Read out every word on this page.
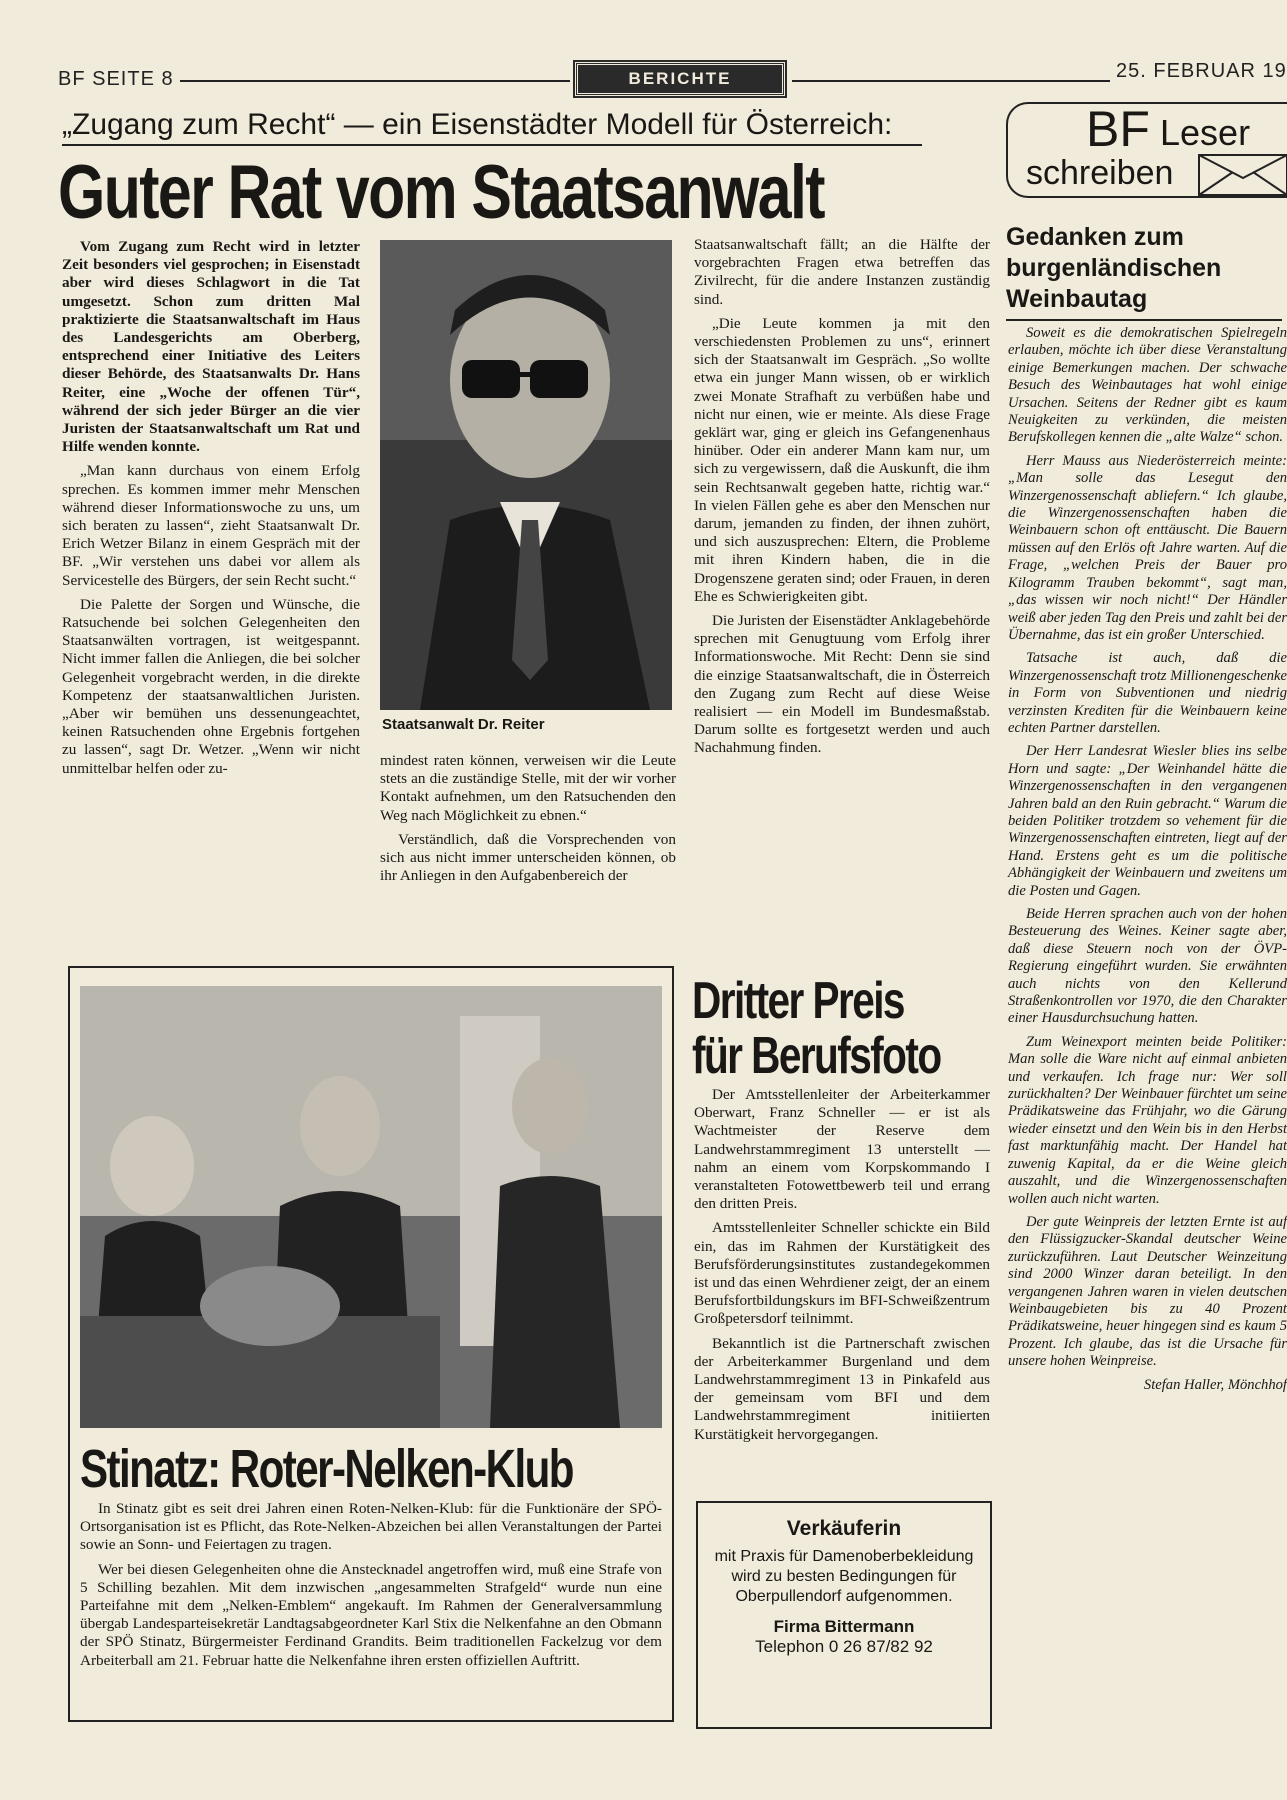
BF SEITE 8	BERICHTE	25. FEBRUAR 19
„Zugang zum Recht“ — ein Eisenstädter Modell für Österreich:
Guter Rat vom Staatsanwalt

Vom Zugang zum Recht wird in letzter Zeit besonders viel gesprochen; in Eisenstadt aber wird dieses Schlagwort in die Tat umgesetzt. Schon zum dritten Mal praktizierte die Staatsanwaltschaft im Haus des Landesgerichts am Oberberg, entsprechend einer Initiative des Leiters dieser Behörde, des Staatsanwalts Dr. Hans Reiter, eine „Woche der offenen Tür“, während der sich jeder Bürger an die vier Juristen der Staatsanwaltschaft um Rat und Hilfe wenden konnte.

„Man kann durchaus von einem Erfolg sprechen. Es kommen immer mehr Menschen während dieser Informationswoche zu uns, um sich beraten zu lassen“, zieht Staatsanwalt Dr. Erich Wetzer Bilanz in einem Gespräch mit der BF. „Wir verstehen uns dabei vor allem als Servicestelle des Bürgers, der sein Recht sucht.“

Die Palette der Sorgen und Wünsche, die Ratsuchende bei solchen Gelegenheiten den Staatsanwälten vortragen, ist weitgespannt. Nicht immer fallen die Anliegen, die bei solcher Gelegenheit vorgebracht werden, in die direkte Kompetenz der staatsanwaltlichen Juristen. „Aber wir bemühen uns dessenungeachtet, keinen Ratsuchenden ohne Ergebnis fortgehen zu lassen“, sagt Dr. Wetzer. „Wenn wir nicht unmittelbar helfen oder zu-

Staatsanwalt Dr. Reiter

mindest raten können, verweisen wir die Leute stets an die zuständige Stelle, mit der wir vorher Kontakt aufnehmen, um den Ratsuchenden den Weg nach Möglichkeit zu ebnen.“

Verständlich, daß die Vorsprechenden von sich aus nicht immer unterscheiden können, ob ihr Anliegen in den Aufgabenbereich der

Staatsanwaltschaft fällt; an die Hälfte der vorgebrachten Fragen etwa betreffen das Zivilrecht, für die andere Instanzen zuständig sind.

„Die Leute kommen ja mit den verschiedensten Problemen zu uns“, erinnert sich der Staatsanwalt im Gespräch. „So wollte etwa ein junger Mann wissen, ob er wirklich zwei Monate Strafhaft zu verbüßen habe und nicht nur einen, wie er meinte. Als diese Frage geklärt war, ging er gleich ins Gefangenenhaus hinüber. Oder ein anderer Mann kam nur, um sich zu vergewissern, daß die Auskunft, die ihm sein Rechtsanwalt gegeben hatte, richtig war.“ In vielen Fällen gehe es aber den Menschen nur darum, jemanden zu finden, der ihnen zuhört, und sich auszusprechen: Eltern, die Probleme mit ihren Kindern haben, die in die Drogenszene geraten sind; oder Frauen, in deren Ehe es Schwierigkeiten gibt.

Die Juristen der Eisenstädter Anklagebehörde sprechen mit Genugtuung vom Erfolg ihrer Informationswoche. Mit Recht: Denn sie sind die einzige Staatsanwaltschaft, die in Österreich den Zugang zum Recht auf diese Weise realisiert — ein Modell im Bundesmaßstab. Darum sollte es fortgesetzt werden und auch Nachahmung finden.

Stinatz: Roter-Nelken-Klub

In Stinatz gibt es seit drei Jahren einen Roten-Nelken-Klub: für die Funktionäre der SPÖ-Ortsorganisation ist es Pflicht, das Rote-Nelken-Abzeichen bei allen Veranstaltungen der Partei sowie an Sonn- und Feiertagen zu tragen.

Wer bei diesen Gelegenheiten ohne die Anstecknadel angetroffen wird, muß eine Strafe von 5 Schilling bezahlen. Mit dem inzwischen „angesammelten Strafgeld“ wurde nun eine Parteifahne mit dem „Nelken-Emblem“ angekauft. Im Rahmen der Generalversammlung übergab Landesparteisekretär Landtagsabgeordneter Karl Stix die Nelkenfahne an den Obmann der SPÖ Stinatz, Bürgermeister Ferdinand Grandits. Beim traditionellen Fackelzug vor dem Arbeiterball am 21. Februar hatte die Nelkenfahne ihren ersten offiziellen Auftritt.

Dritter Preis
für Berufsfoto

Der Amtsstellenleiter der Arbeiterkammer Oberwart, Franz Schneller — er ist als Wachtmeister der Reserve dem Landwehrstammregiment 13 unterstellt — nahm an einem vom Korpskommando I veranstalteten Fotowettbewerb teil und errang den dritten Preis.

Amtsstellenleiter Schneller schickte ein Bild ein, das im Rahmen der Kurstätigkeit des Berufsförderungsinstitutes zustandegekommen ist und das einen Wehrdiener zeigt, der an einem Berufsfortbildungskurs im BFI-Schweißzentrum Großpetersdorf teilnimmt.

Bekanntlich ist die Partnerschaft zwischen der Arbeiterkammer Burgenland und dem Landwehrstammregiment 13 in Pinkafeld aus der gemeinsam vom BFI und dem Landwehrstammregiment initiierten Kurstätigkeit hervorgegangen.

Verkäuferin
mit Praxis für Damenoberbekleidung wird zu besten Bedingungen für Oberpullendorf aufgenommen.
Firma Bittermann
Telephon 0 26 87/82 92
BF Leser
schreiben
Gedanken zum burgenländischen Weinbautag

Soweit es die demokratischen Spielregeln erlauben, möchte ich über diese Veranstaltung einige Bemerkungen machen. Der schwache Besuch des Weinbautages hat wohl einige Ursachen. Seitens der Redner gibt es kaum Neuigkeiten zu verkünden, die meisten Berufskollegen kennen die „alte Walze“ schon.

Herr Mauss aus Niederösterreich meinte: „Man solle das Lesegut den Winzergenossenschaft abliefern.“ Ich glaube, die Winzergenossenschaften haben die Weinbauern schon oft enttäuscht. Die Bauern müssen auf den Erlös oft Jahre warten. Auf die Frage, „welchen Preis der Bauer pro Kilogramm Trauben bekommt“, sagt man, „das wissen wir noch nicht!“ Der Händler weiß aber jeden Tag den Preis und zahlt bei der Übernahme, das ist ein großer Unterschied.

Tatsache ist auch, daß die Winzergenossenschaft trotz Millionengeschenke in Form von Subventionen und niedrig verzinsten Krediten für die Weinbauern keine echten Partner darstellen.

Der Herr Landesrat Wiesler blies ins selbe Horn und sagte: „Der Weinhandel hätte die Winzergenossenschaften in den vergangenen Jahren bald an den Ruin gebracht.“ Warum die beiden Politiker trotzdem so vehement für die Winzergenossenschaften eintreten, liegt auf der Hand. Erstens geht es um die politische Abhängigkeit der Weinbauern und zweitens um die Posten und Gagen.

Beide Herren sprachen auch von der hohen Besteuerung des Weines. Keiner sagte aber, daß diese Steuern noch von der ÖVP-Regierung eingeführt wurden. Sie erwähnten auch nichts von den Kellerund Straßenkontrollen vor 1970, die den Charakter einer Hausdurchsuchung hatten.

Zum Weinexport meinten beide Politiker: Man solle die Ware nicht auf einmal anbieten und verkaufen. Ich frage nur: Wer soll zurückhalten? Der Weinbauer fürchtet um seine Prädikatsweine das Frühjahr, wo die Gärung wieder einsetzt und den Wein bis in den Herbst fast marktunfähig macht. Der Handel hat zuwenig Kapital, da er die Weine gleich auszahlt, und die Winzergenossenschaften wollen auch nicht warten.

Der gute Weinpreis der letzten Ernte ist auf den Flüssigzucker-Skandal deutscher Weine zurückzuführen. Laut Deutscher Weinzeitung sind 2000 Winzer daran beteiligt. In den vergangenen Jahren waren in vielen deutschen Weinbaugebieten bis zu 40 Prozent Prädikatsweine, heuer hingegen sind es kaum 5 Prozent. Ich glaube, das ist die Ursache für unsere hohen Weinpreise.

Stefan Haller, Mönchhof
